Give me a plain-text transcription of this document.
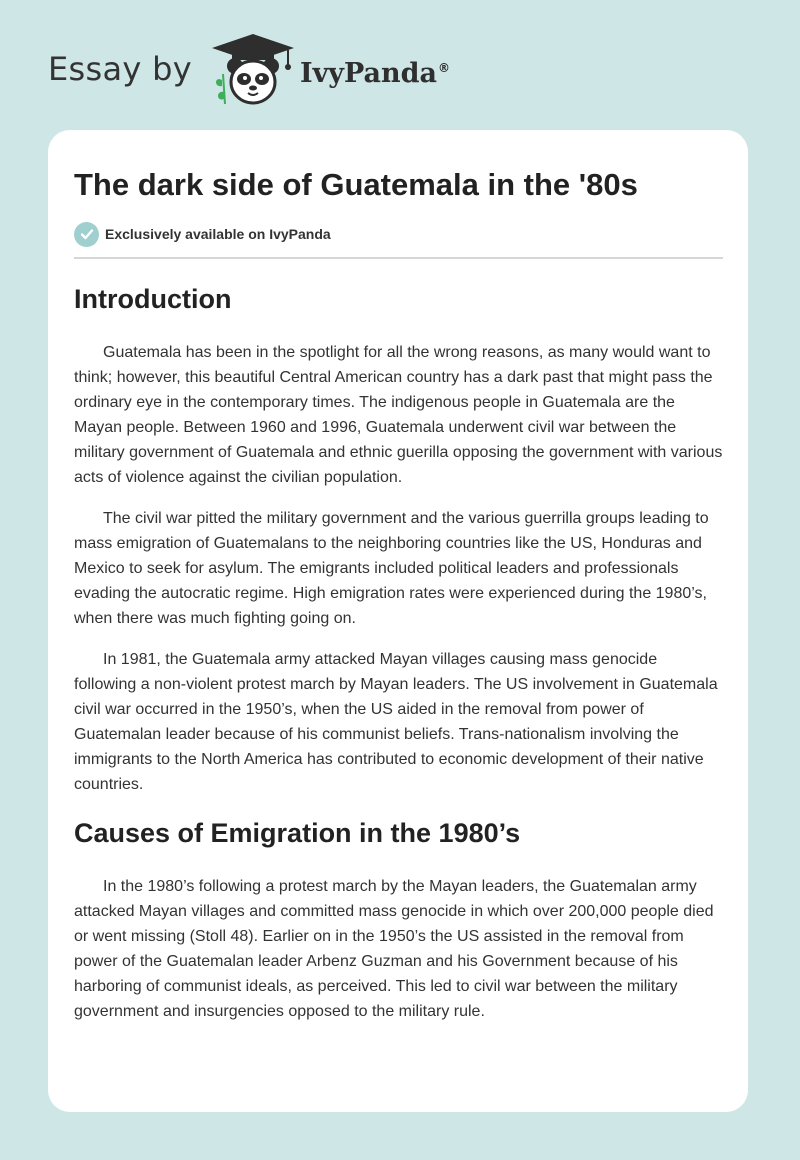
Essay by	IvyPanda®
The dark side of Guatemala in the '80s
Exclusively available on IvyPanda
Introduction

Guatemala has been in the spotlight for all the wrong reasons, as many would want to think; however, this beautiful Central American country has a dark past that might pass the ordinary eye in the contemporary times. The indigenous people in Guatemala are the Mayan people. Between 1960 and 1996, Guatemala underwent civil war between the military government of Guatemala and ethnic guerilla opposing the government with various acts of violence against the civilian population.

The civil war pitted the military government and the various guerrilla groups leading to mass emigration of Guatemalans to the neighboring countries like the US, Honduras and Mexico to seek for asylum. The emigrants included political leaders and professionals evading the autocratic regime. High emigration rates were experienced during the 1980’s, when there was much fighting going on.

In 1981, the Guatemala army attacked Mayan villages causing mass genocide following a non-violent protest march by Mayan leaders. The US involvement in Guatemala civil war occurred in the 1950’s, when the US aided in the removal from power of Guatemalan leader because of his communist beliefs. Trans-nationalism involving the immigrants to the North America has contributed to economic development of their native countries.

Causes of Emigration in the 1980’s

In the 1980’s following a protest march by the Mayan leaders, the Guatemalan army attacked Mayan villages and committed mass genocide in which over 200,000 people died or went missing (Stoll 48). Earlier on in the 1950’s the US assisted in the removal from power of the Guatemalan leader Arbenz Guzman and his Government because of his harboring of communist ideals, as perceived. This led to civil war between the military government and insurgencies opposed to the military rule.
